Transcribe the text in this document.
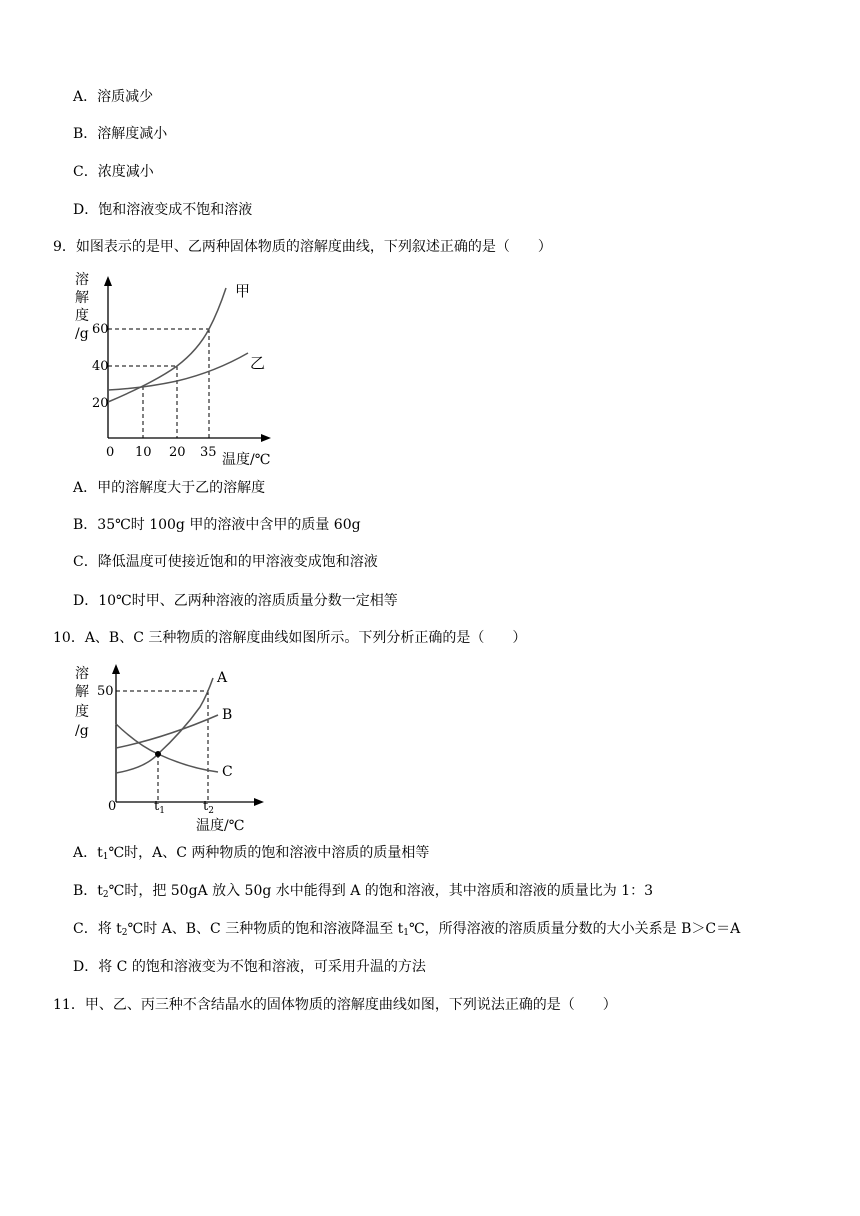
A．溶质减少
B．溶解度减小
C．浓度减小
D．饱和溶液变成不饱和溶液
9．如图表示的是甲、乙两种固体物质的溶解度曲线，下列叙述正确的是（　　）
溶
解
度
/g 60
40
20
0 10 20 35 温度/℃
甲
乙
A．甲的溶解度大于乙的溶解度
B．35℃时 100g 甲的溶液中含甲的质量 60g
C．降低温度可使接近饱和的甲溶液变成饱和溶液
D．10℃时甲、乙两种溶液的溶质质量分数一定相等
10．A、B、C 三种物质的溶解度曲线如图所示。下列分析正确的是（　　）
溶
解
度
/g
50
0	$t_1$	$t_2$
温度/℃
A
B
C
A．$t_1℃$时，A、C 两种物质的饱和溶液中溶质的质量相等
B．$t_2℃$时，把 50gA 放入 50g 水中能得到 A 的饱和溶液，其中溶质和溶液的质量比为 1：3
C．将 $t_2℃$时 A、B、C 三种物质的饱和溶液降温至 $t_1℃$，所得溶液的溶质质量分数的大小关系是 B＞C＝A
D．将 C 的饱和溶液变为不饱和溶液，可采用升温的方法
11．甲、乙、丙三种不含结晶水的固体物质的溶解度曲线如图，下列说法正确的是（　　）
